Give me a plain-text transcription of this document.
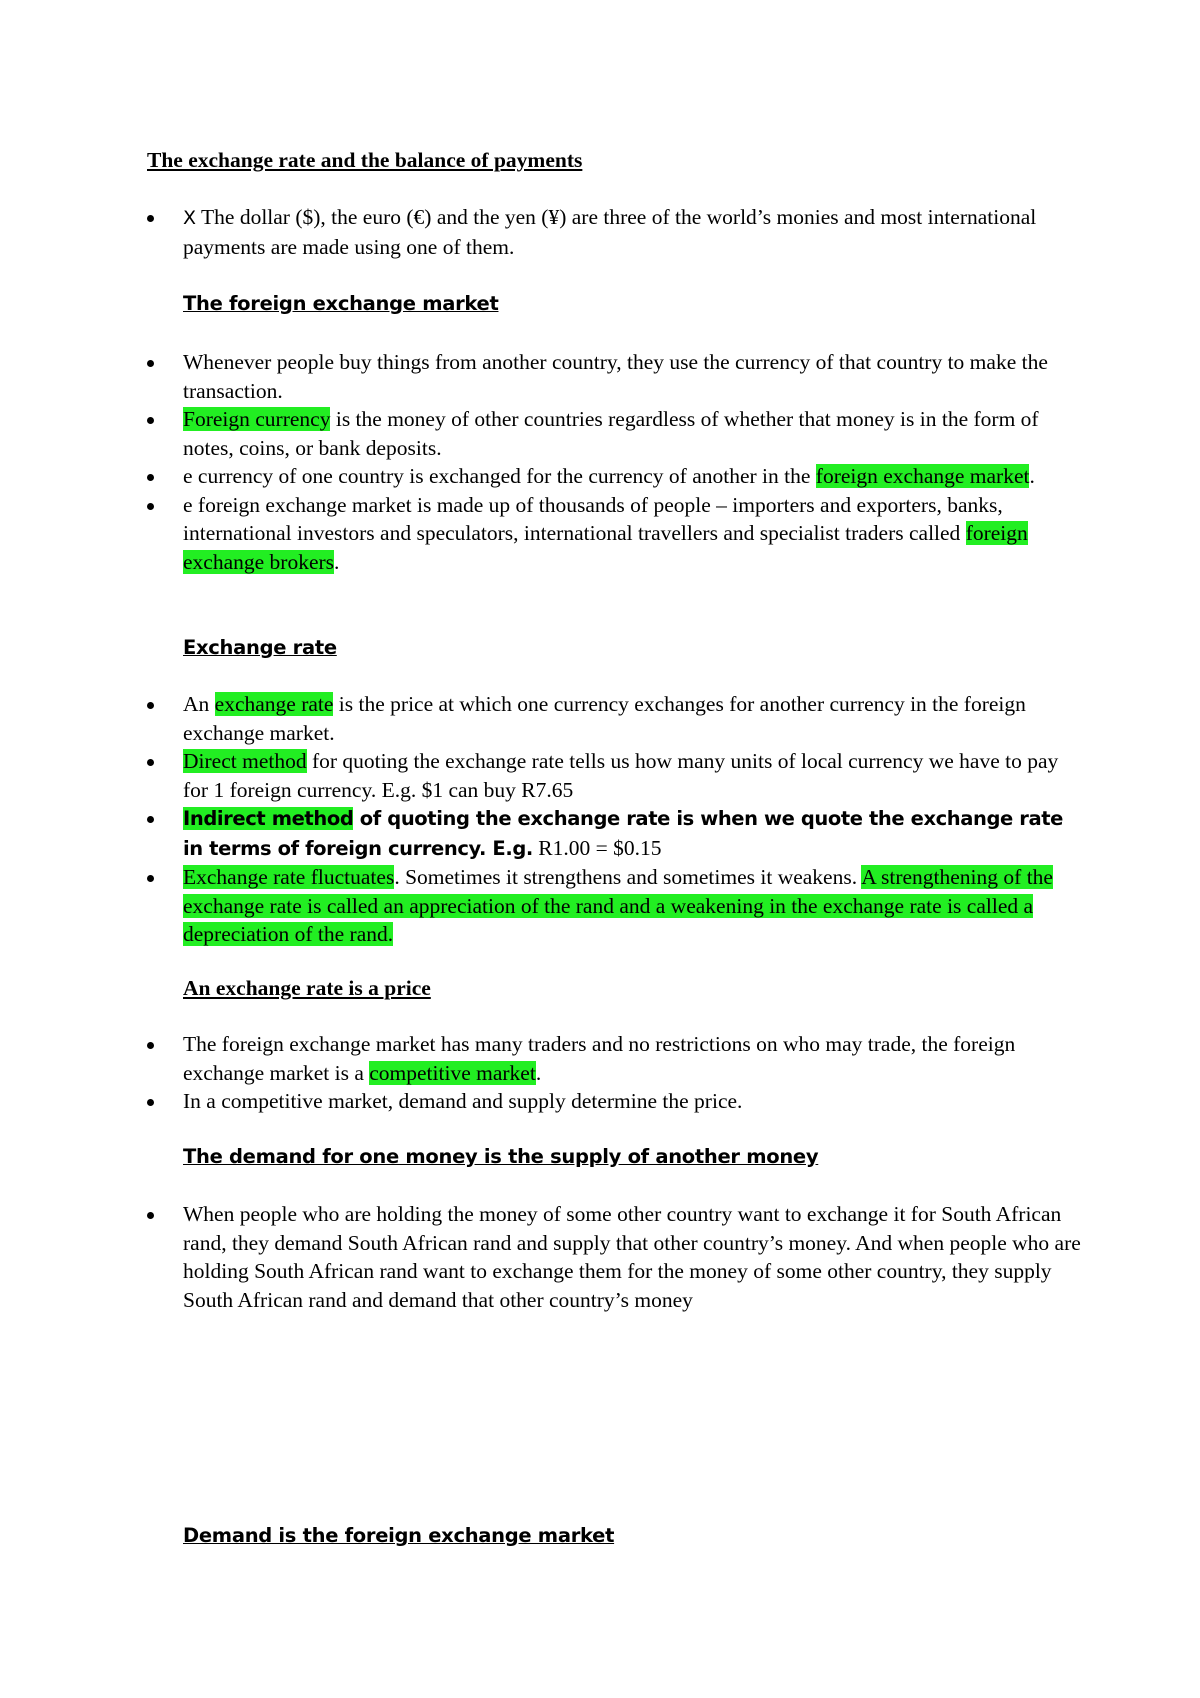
The exchange rate and the balance of payments
X The dollar ($), the euro (€) and the yen (¥) are three of the world’s monies and most international payments are made using one of them.
The foreign exchange market
Whenever people buy things from another country, they use the currency of that country to make the transaction.
Foreign currency is the money of other countries regardless of whether that money is in the form of notes, coins, or bank deposits.
e currency of one country is exchanged for the currency of another in the foreign exchange market.
e foreign exchange market is made up of thousands of people – importers and exporters, banks, international investors and speculators, international travellers and specialist traders called foreign exchange brokers.
Exchange rate
An exchange rate is the price at which one currency exchanges for another currency in the foreign exchange market.
Direct method for quoting the exchange rate tells us how many units of local currency we have to pay for 1 foreign currency. E.g. $1 can buy R7.65
Indirect method of quoting the exchange rate is when we quote the exchange rate in terms of foreign currency. E.g. R1.00 = $0.15
Exchange rate fluctuates. Sometimes it strengthens and sometimes it weakens. A strengthening of the exchange rate is called an appreciation of the rand and a weakening in the exchange rate is called a depreciation of the rand.
An exchange rate is a price
The foreign exchange market has many traders and no restrictions on who may trade, the foreign exchange market is a competitive market.
In a competitive market, demand and supply determine the price.
The demand for one money is the supply of another money
When people who are holding the money of some other country want to exchange it for South African rand, they demand South African rand and supply that other country’s money. And when people who are holding South African rand want to exchange them for the money of some other country, they supply South African rand and demand that other country’s money
Demand is the foreign exchange market
